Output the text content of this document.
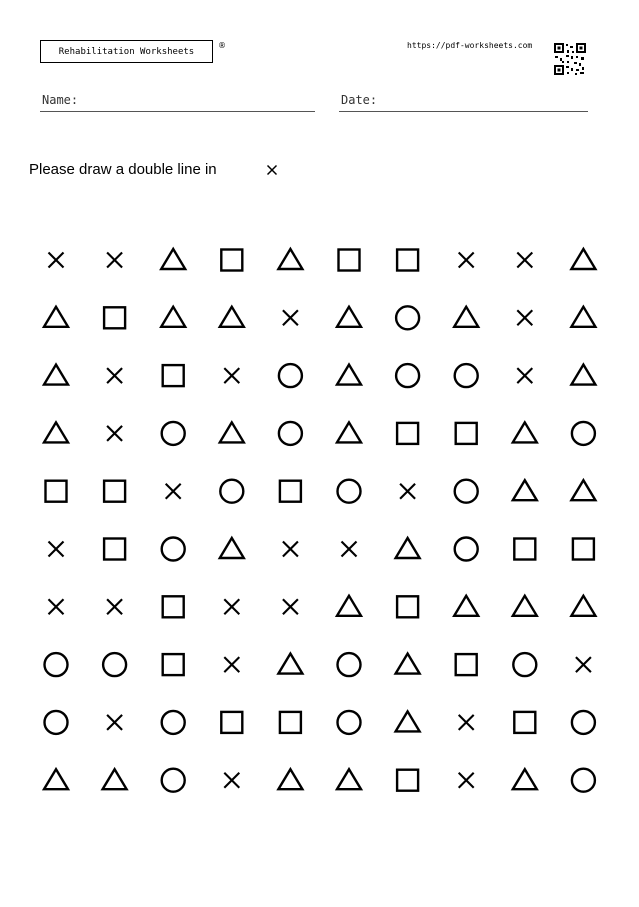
Rehabilitation Worksheets
®	https://pdf-worksheets.com
Name:	Date:
Please draw a double line in
